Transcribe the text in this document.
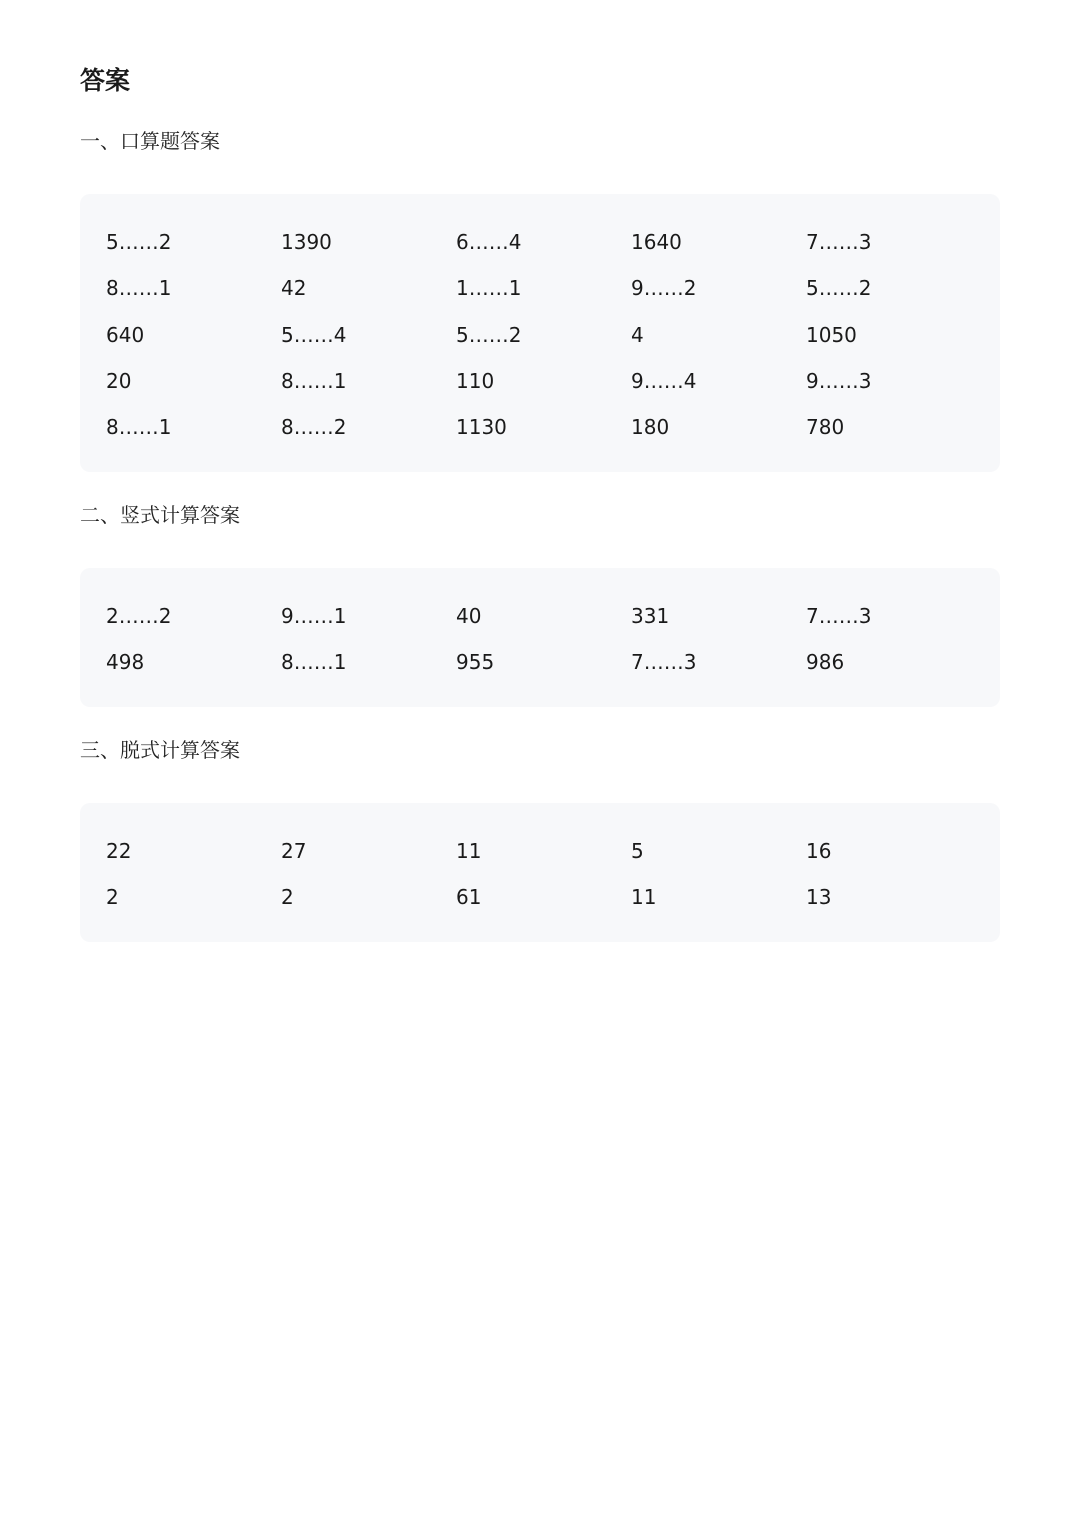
答案
一、口算题答案
5……2	1390	6……4	1640	7……3
8……1	42	1……1	9……2	5……2
640	5……4	5……2	4	1050
20	8……1	110	9……4	9……3
8……1	8……2	1130	180	780
二、竖式计算答案
2……2	9……1	40	331	7……3
498	8……1	955	7……3	986
三、脱式计算答案
22	27	11	5	16
2	2	61	11	13
